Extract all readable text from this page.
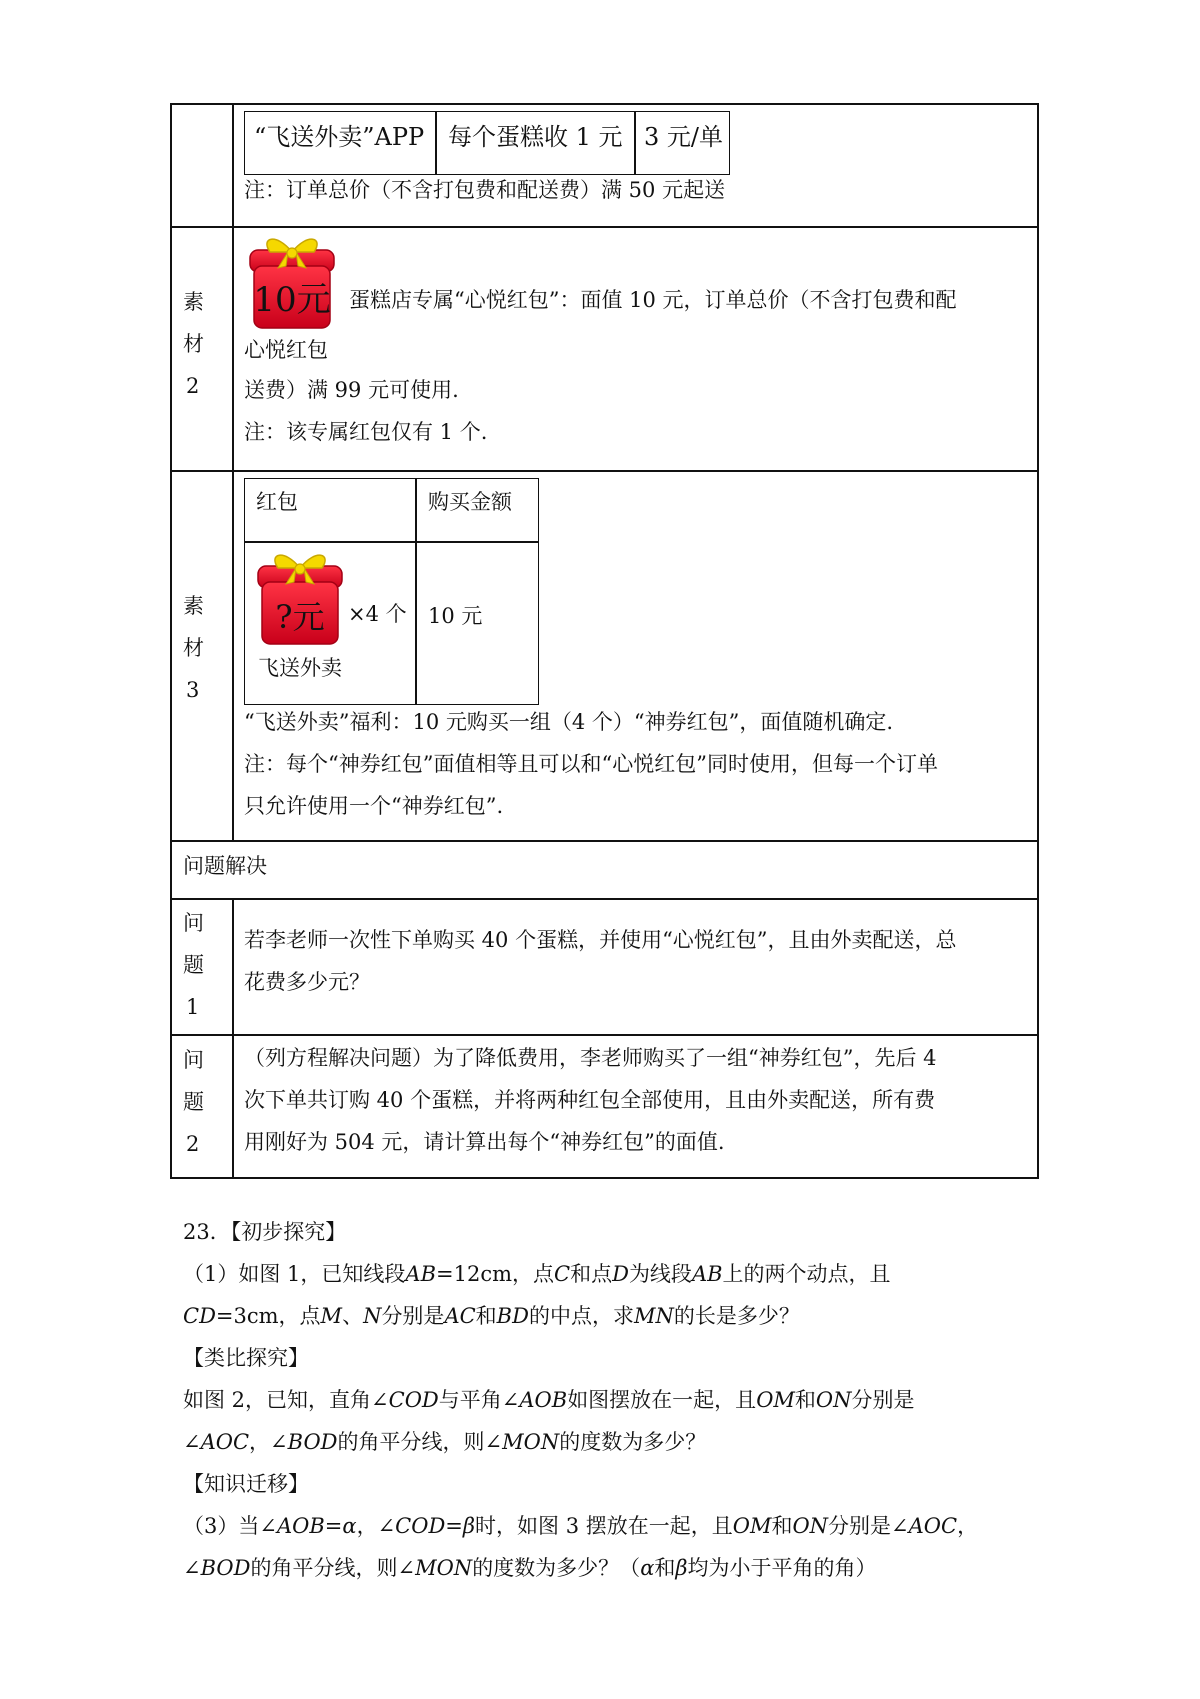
“飞送外卖”APP 每个蛋糕收 1 元 3 元/单
注：订单总价（不含打包费和配送费）满 50 元起送
素
材
2
10元
心悦红包
蛋糕店专属“心悦红包”：面值 10 元，订单总价（不含打包费和配
送费）满 99 元可使用.
注：该专属红包仅有 1 个.
素
材
3
红包	购买金额
?元	×4 个
飞送外卖
10 元
“飞送外卖”福利：10 元购买一组（4 个）“神券红包”，面值随机确定.
注：每个“神券红包”面值相等且可以和“心悦红包”同时使用，但每一个订单
只允许使用一个“神券红包”.
问题解决
问
题
1
若李老师一次性下单购买 40 个蛋糕，并使用“心悦红包”，且由外卖配送，总
花费多少元？
问
题
2
（列方程解决问题）为了降低费用，李老师购买了一组“神券红包”，先后 4
次下单共订购 40 个蛋糕，并将两种红包全部使用，且由外卖配送，所有费
用刚好为 504 元，请计算出每个“神券红包”的面值.
23．【初步探究】
（1）如图 1，已知线段AB=12cm，点C和点D为线段AB上的两个动点，且
CD=3cm，点M、N分别是AC和BD的中点，求MN的长是多少？
【类比探究】
如图 2，已知，直角∠COD与平角∠AOB如图摆放在一起，且OM和ON分别是
∠AOC，∠BOD的角平分线，则∠MON的度数为多少？
【知识迁移】
（3）当∠AOB=α，∠COD=β时，如图 3 摆放在一起，且OM和ON分别是∠AOC，
∠BOD的角平分线，则∠MON的度数为多少？（α和β均为小于平角的角）
